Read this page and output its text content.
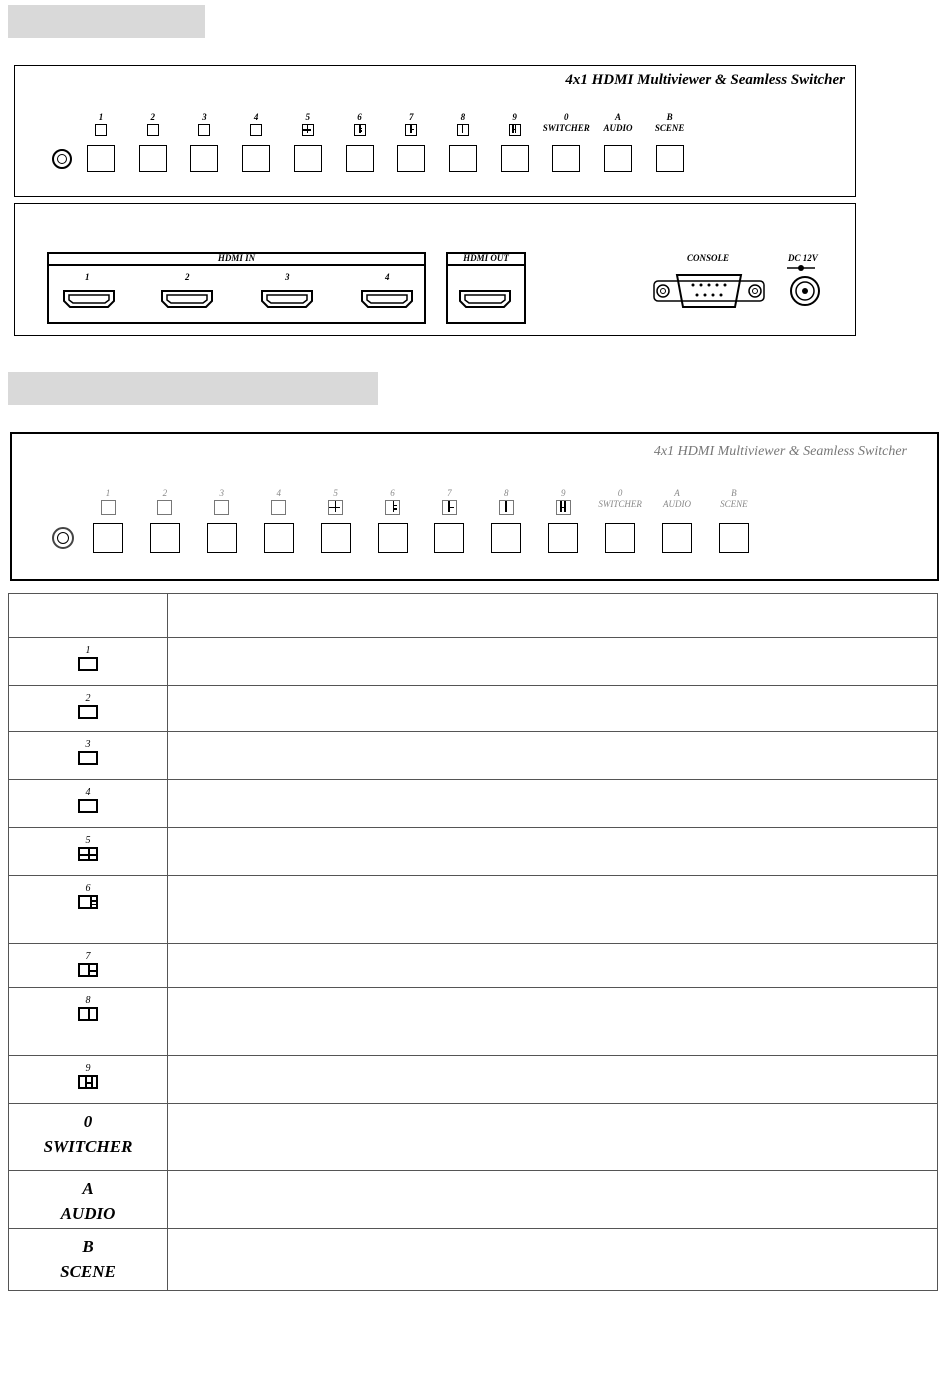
4x1 HDMI Multiviewer & Seamless Switcher
1	2	3	4	5	6	7	8	9	0
SWITCHER
A
AUDIO
B
SCENE
HDMI IN
1	2	3	4
HDMI OUT	CONSOLE	DC 12V
4x1 HDMI Multiviewer & Seamless Switcher
1	2	3	4	5	6	7	8	9	0
SWITCHER
A
AUDIO
B
SCENE

1	

2	

3	

4	

5	

6	

7	

8	

9	

0
SWITCHER	

A
AUDIO	

B
SCENE	
